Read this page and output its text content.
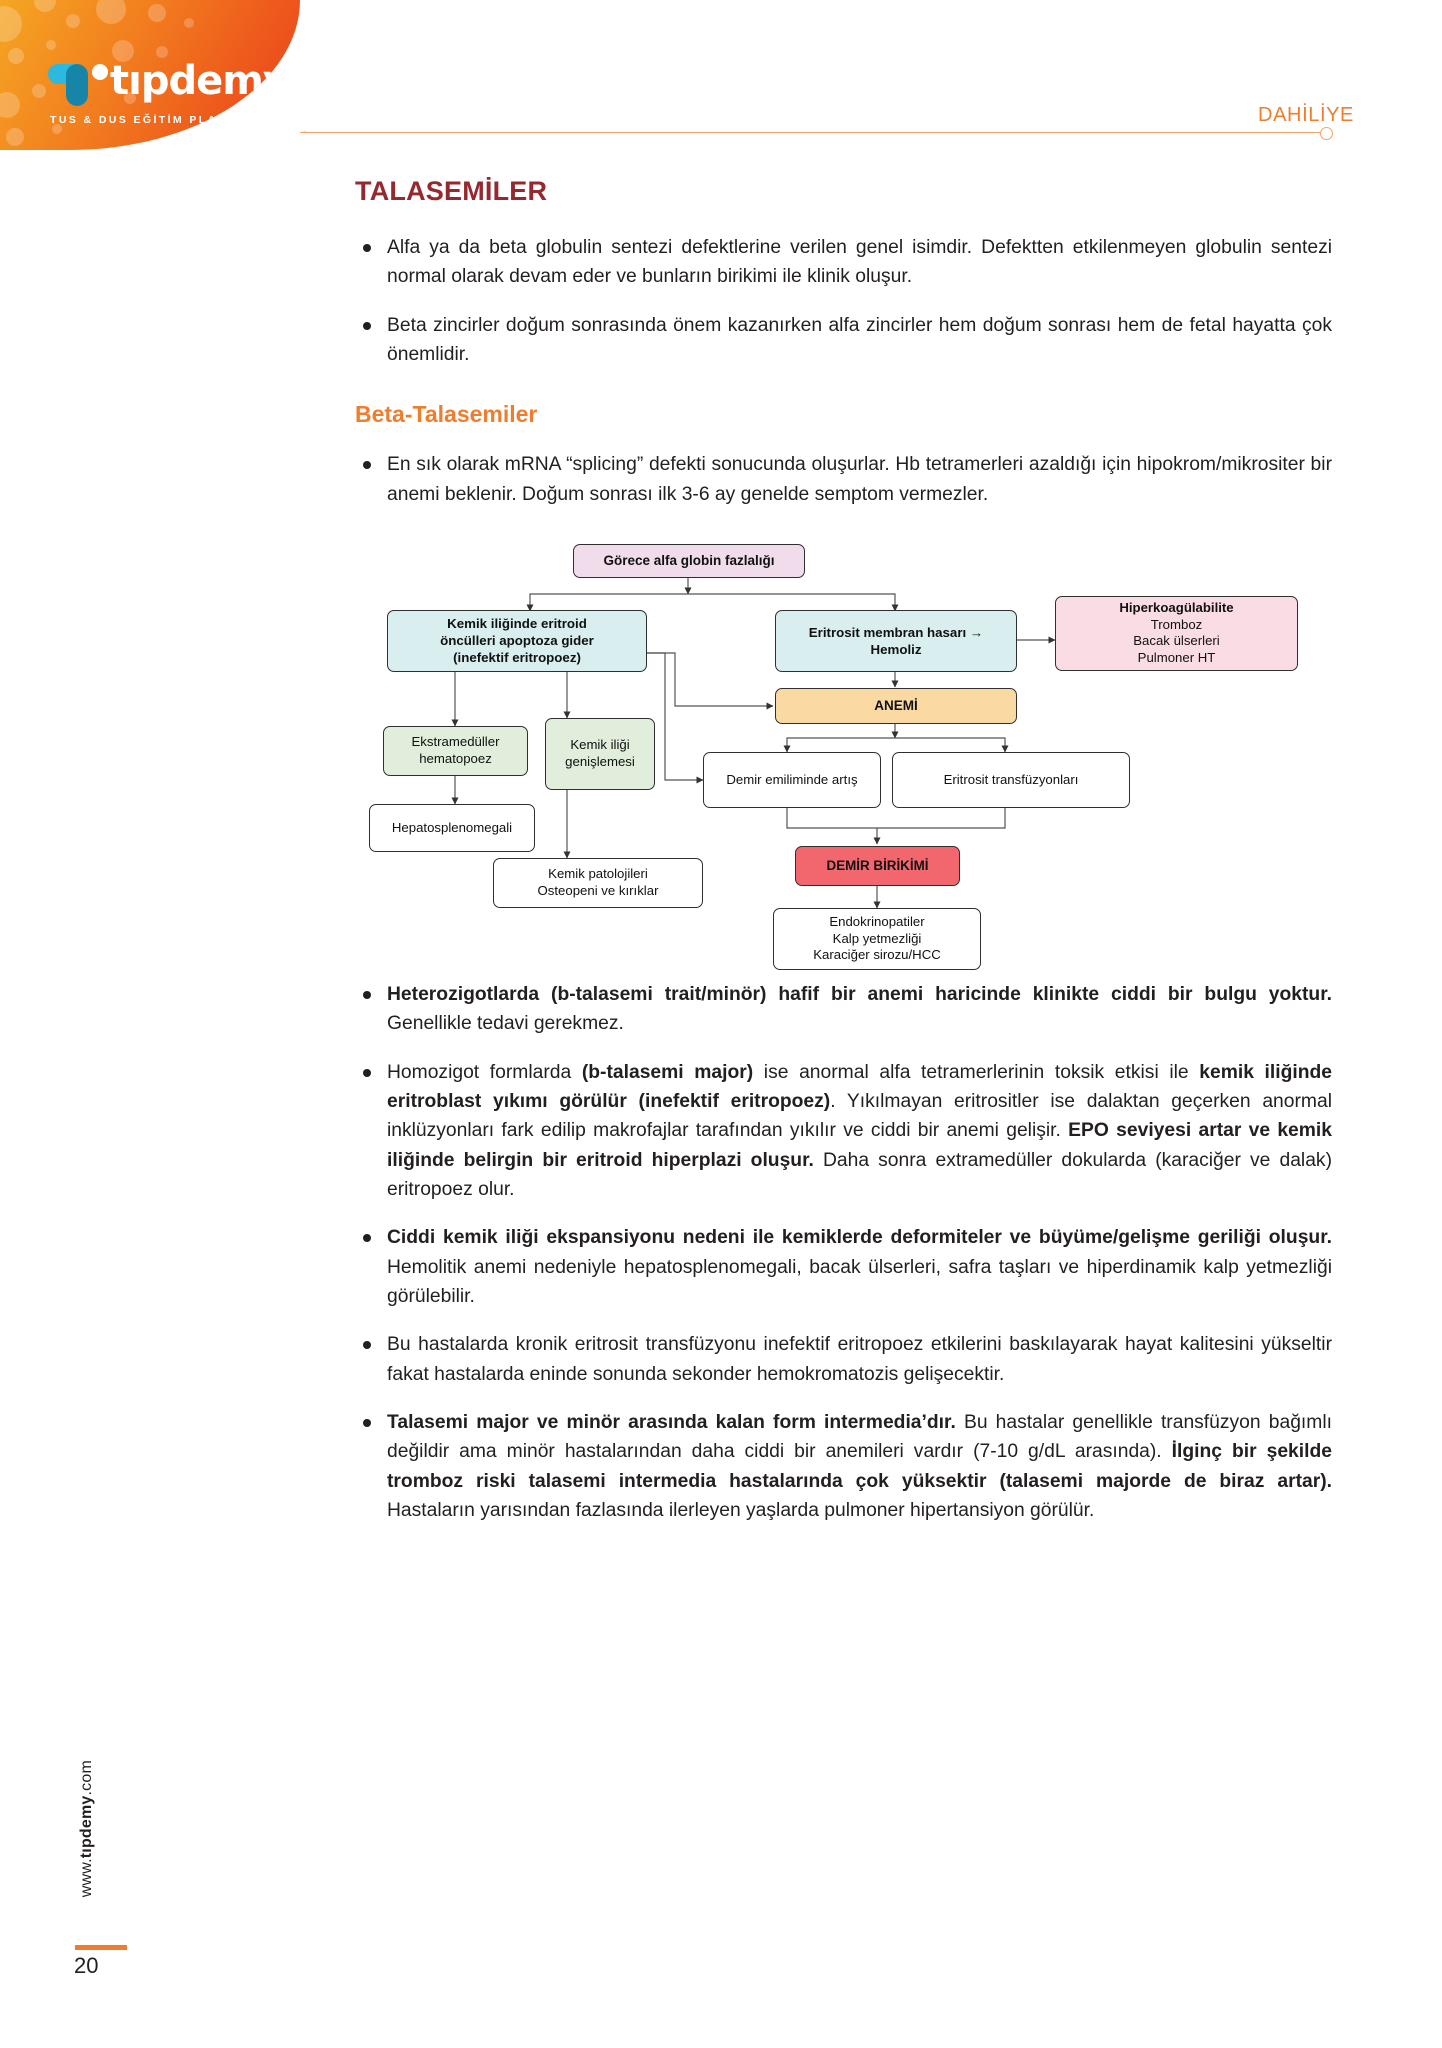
tıpdemy
TUS & DUS EĞİTİM PLATFORMU	DAHİLİYE
TALASEMİLER
Alfa ya da beta globulin sentezi defektlerine verilen genel isimdir. Defektten etkilenmeyen globulin sentezi normal olarak devam eder ve bunların birikimi ile klinik oluşur.
Beta zincirler doğum sonrasında önem kazanırken alfa zincirler hem doğum sonrası hem de fetal hayatta çok önemlidir.
Beta-Talasemiler
En sık olarak mRNA “splicing” defekti sonucunda oluşurlar. Hb tetramerleri azaldığı için hipokrom/mikrositer bir anemi beklenir. Doğum sonrası ilk 3-6 ay genelde semptom vermezler.
Görece alfa globin fazlalığı
Kemik iliğinde eritroid
öncülleri apoptoza gider
(inefektif eritropoez)
Eritrosit membran hasarı →
Hemoliz
Hiperkoagülabilite
Tromboz
Bacak ülserleri
Pulmoner HT
ANEMİ
Ekstramedüller
hematopoez
Kemik iliği
genişlemesi
Demir emiliminde artış	Eritrosit transfüzyonları
Hepatosplenomegali
Kemik patolojileri
Osteopeni ve kırıklar
DEMİR BİRİKİMİ
Endokrinopatiler
Kalp yetmezliği
Karaciğer sirozu/HCC
Heterozigotlarda (b-talasemi trait/minör) hafif bir anemi haricinde klinikte ciddi bir bulgu yoktur. Genellikle tedavi gerekmez.
Homozigot formlarda (b-talasemi major) ise anormal alfa tetramerlerinin toksik etkisi ile kemik iliğinde eritroblast yıkımı görülür (inefektif eritropoez). Yıkılmayan eritrositler ise dalaktan geçerken anormal inklüzyonları fark edilip makrofajlar tarafından yıkılır ve ciddi bir anemi gelişir. EPO seviyesi artar ve kemik iliğinde belirgin bir eritroid hiperplazi oluşur. Daha sonra extramedüller dokularda (karaciğer ve dalak) eritropoez olur.
Ciddi kemik iliği ekspansiyonu nedeni ile kemiklerde deformiteler ve büyüme/gelişme geriliği oluşur. Hemolitik anemi nedeniyle hepatosplenomegali, bacak ülserleri, safra taşları ve hiperdinamik kalp yetmezliği görülebilir.
Bu hastalarda kronik eritrosit transfüzyonu inefektif eritropoez etkilerini baskılayarak hayat kalitesini yükseltir fakat hastalarda eninde sonunda sekonder hemokromatozis gelişecektir.
Talasemi major ve minör arasında kalan form intermedia’dır. Bu hastalar genellikle transfüzyon bağımlı değildir ama minör hastalarından daha ciddi bir anemileri vardır (7-10 g/dL arasında). İlginç bir şekilde tromboz riski talasemi intermedia hastalarında çok yüksektir (talasemi majorde de biraz artar). Hastaların yarısından fazlasında ilerleyen yaşlarda pulmoner hipertansiyon görülür.
www.tıpdemy.com
20
